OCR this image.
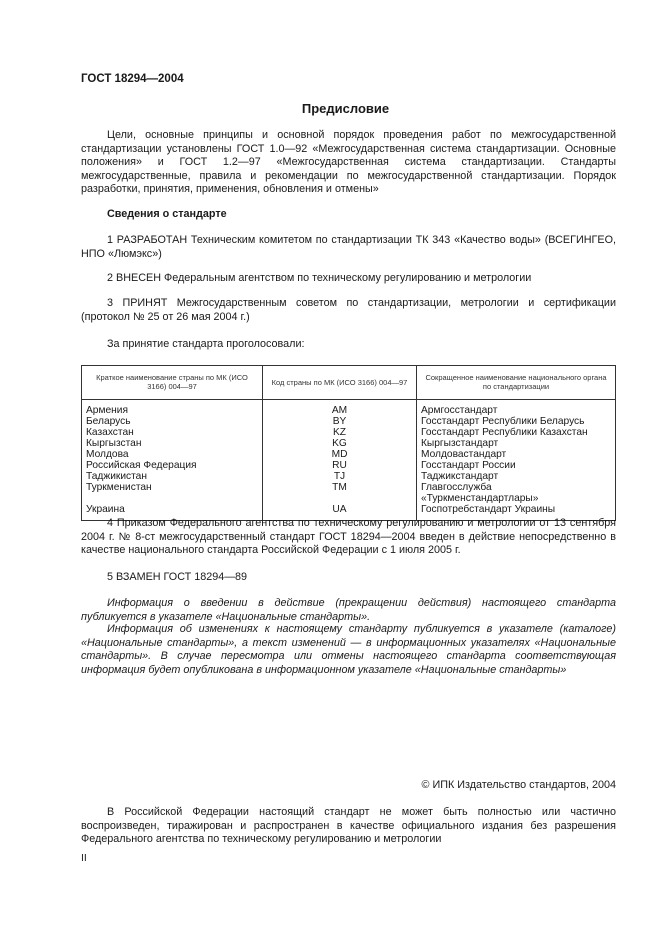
ГОСТ 18294—2004
Предисловие
Цели, основные принципы и основной порядок проведения работ по межгосударственной стандартизации установлены ГОСТ 1.0—92 «Межгосударственная система стандартизации. Основные положения» и ГОСТ 1.2—97 «Межгосударственная система стандартизации. Стандарты межгосударственные, правила и рекомендации по межгосударственной стандартизации. Порядок разработки, принятия, применения, обновления и отмены»
Сведения о стандарте
1 РАЗРАБОТАН Техническим комитетом по стандартизации ТК 343 «Качество воды» (ВСЕГИНГЕО, НПО «Люмэкс»)
2 ВНЕСЕН Федеральным агентством по техническому регулированию и метрологии
3 ПРИНЯТ Межгосударственным советом по стандартизации, метрологии и сертификации (протокол № 25 от 26 мая 2004 г.)
За принятие стандарта проголосовали:
Краткое наименование страны по МК (ИСО 3166) 004—97	Код страны по МК (ИСО 3166) 004—97	Сокращенное наименование национального органа по стандартизации
Армения	AM	Армгосстандарт
Беларусь	BY	Госстандарт Республики Беларусь
Казахстан	KZ	Госстандарт Республики Казахстан
Кыргызстан	KG	Кыргызстандарт
Молдова	MD	Молдовастандарт
Российская Федерация	RU	Госстандарт России
Таджикистан	TJ	Таджикстандарт
Туркменистан	TM	Главгосслужба «Туркменстандартлары»
Украина	UA	Госпотребстандарт Украины
4 Приказом Федерального агентства по техническому регулированию и метрологии от 13 сентября 2004 г. № 8-ст межгосударственный стандарт ГОСТ 18294—2004 введен в действие непосредственно в качестве национального стандарта Российской Федерации с 1 июля 2005 г.
5 ВЗАМЕН ГОСТ 18294—89
Информация о введении в действие (прекращении действия) настоящего стандарта публикуется в указателе «Национальные стандарты».
Информация об изменениях к настоящему стандарту публикуется в указателе (каталоге) «Национальные стандарты», а текст изменений — в информационных указателях «Национальные стандарты». В случае пересмотра или отмены настоящего стандарта соответствующая информация будет опубликована в информационном указателе «Национальные стандарты»
© ИПК Издательство стандартов, 2004
В Российской Федерации настоящий стандарт не может быть полностью или частично воспроизведен, тиражирован и распространен в качестве официального издания без разрешения Федерального агентства по техническому регулированию и метрологии
II
